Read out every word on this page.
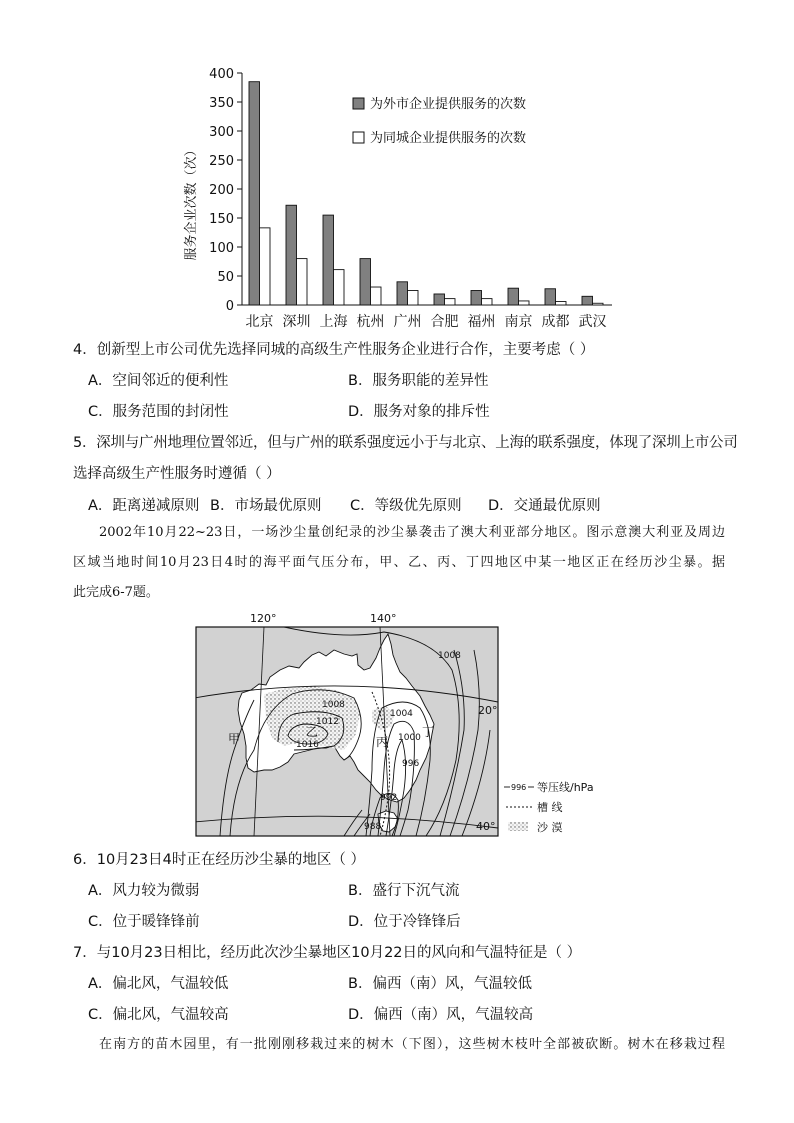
服务企业次数（次）
0
50
100
150
200
250
300
350
400
北京 深圳 上海 杭州 广州 合肥 福州 南京 成都 武汉
为外市企业提供服务的次数
为同城企业提供服务的次数
4．创新型上市公司优先选择同城的高级生产性服务企业进行合作，主要考虑（ ）
A．空间邻近的便利性	B．服务职能的差异性
C．服务范围的封闭性	D．服务对象的排斥性
5．深圳与广州地理位置邻近，但与广州的联系强度远小于与北京、上海的联系强度，体现了深圳上市公司
选择高级生产性服务时遵循（ ）
A．距离递减原则 B．市场最优原则 C．等级优先原则 D．交通最优原则
2002年10月22~23日，一场沙尘量创纪录的沙尘暴袭击了澳大利亚部分地区。图示意澳大利亚及周边
区域当地时间10月23日4时的海平面气压分布，甲、乙、丙、丁四地区中某一地区正在经历沙尘暴。据
此完成6-7题。
120°	140°
20°
40°
1008
1008
1012
1016
1004
1000
996
992
988
甲	乙
丙
丁
996 等压线/hPa
槽 线
沙 漠
6．10月23日4时正在经历沙尘暴的地区（ ）
A．风力较为微弱	B．盛行下沉气流
C．位于暖锋锋前	D．位于冷锋锋后
7．与10月23日相比，经历此次沙尘暴地区10月22日的风向和气温特征是（ ）
A．偏北风，气温较低	B．偏西（南）风，气温较低
C．偏北风，气温较高	D．偏西（南）风，气温较高
在南方的苗木园里，有一批刚刚移栽过来的树木（下图），这些树木枝叶全部被砍断。树木在移栽过程
